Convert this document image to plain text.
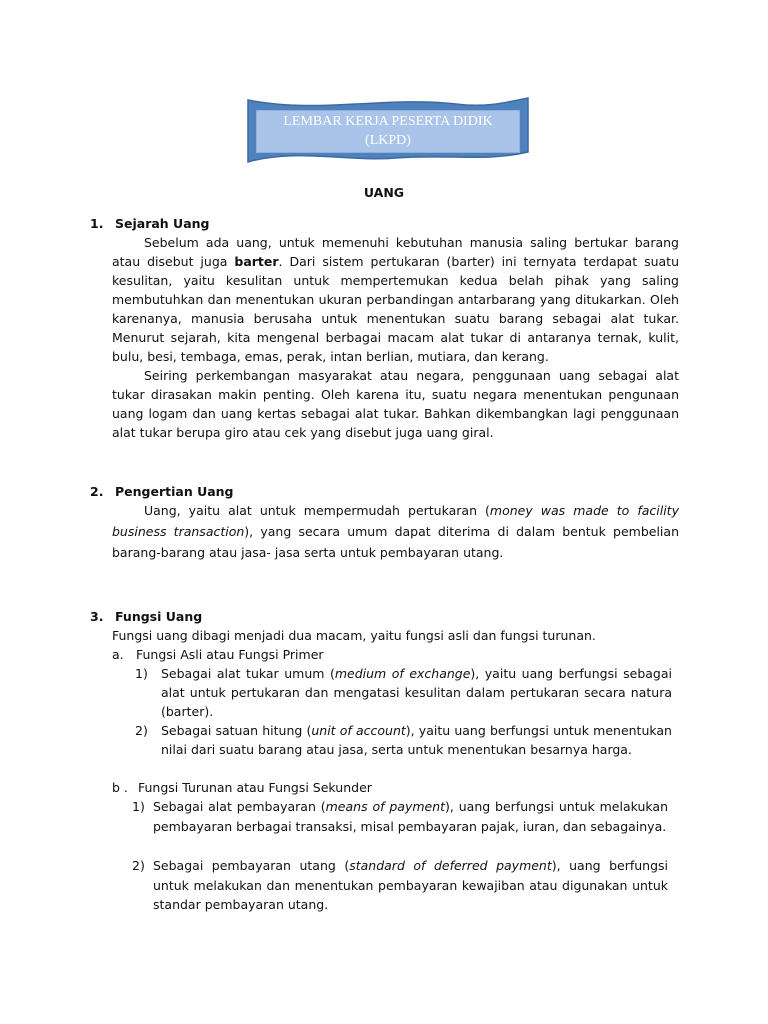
LEMBAR KERJA PESERTA DIDIK
(LKPD)
UANG
1. Sejarah Uang

Sebelum ada uang, untuk memenuhi kebutuhan manusia saling bertukar barang atau disebut juga barter. Dari sistem pertukaran (barter) ini ternyata terdapat suatu kesulitan, yaitu kesulitan untuk mempertemukan kedua belah pihak yang saling membutuhkan dan menentukan ukuran perbandingan antarbarang yang ditukarkan. Oleh karenanya, manusia berusaha untuk menentukan suatu barang sebagai alat tukar. Menurut sejarah, kita mengenal berbagai macam alat tukar di antaranya ternak, kulit, bulu, besi, tembaga, emas, perak, intan berlian, mutiara, dan kerang.

Seiring perkembangan masyarakat atau negara, penggunaan uang sebagai alat tukar dirasakan makin penting. Oleh karena itu, suatu negara menentukan pengunaan uang logam dan uang kertas sebagai alat tukar. Bahkan dikembangkan lagi penggunaan alat tukar berupa giro atau cek yang disebut juga uang giral.

2. Pengertian Uang

Uang, yaitu alat untuk mempermudah pertukaran (money was made to facility business transaction), yang secara umum dapat diterima di dalam bentuk pembelian barang-barang atau jasa- jasa serta untuk pembayaran utang.

3. Fungsi Uang
Fungsi uang dibagi menjadi dua macam, yaitu fungsi asli dan fungsi turunan.
a. Fungsi Asli atau Fungsi Primer
1) Sebagai alat tukar umum (medium of exchange), yaitu uang berfungsi sebagai alat untuk pertukaran dan mengatasi kesulitan dalam pertukaran secara natura (barter).

2) Sebagai satuan hitung (unit of account), yaitu uang berfungsi untuk menentukan nilai dari suatu barang atau jasa, serta untuk menentukan besarnya harga.

b . Fungsi Turunan atau Fungsi Sekunder
1) Sebagai alat pembayaran (means of payment), uang berfungsi untuk melakukan pembayaran berbagai transaksi, misal pembayaran pajak, iuran, dan sebagainya.

2) Sebagai pembayaran utang (standard of deferred payment), uang berfungsi untuk melakukan dan menentukan pembayaran kewajiban atau digunakan untuk standar pembayaran utang.
